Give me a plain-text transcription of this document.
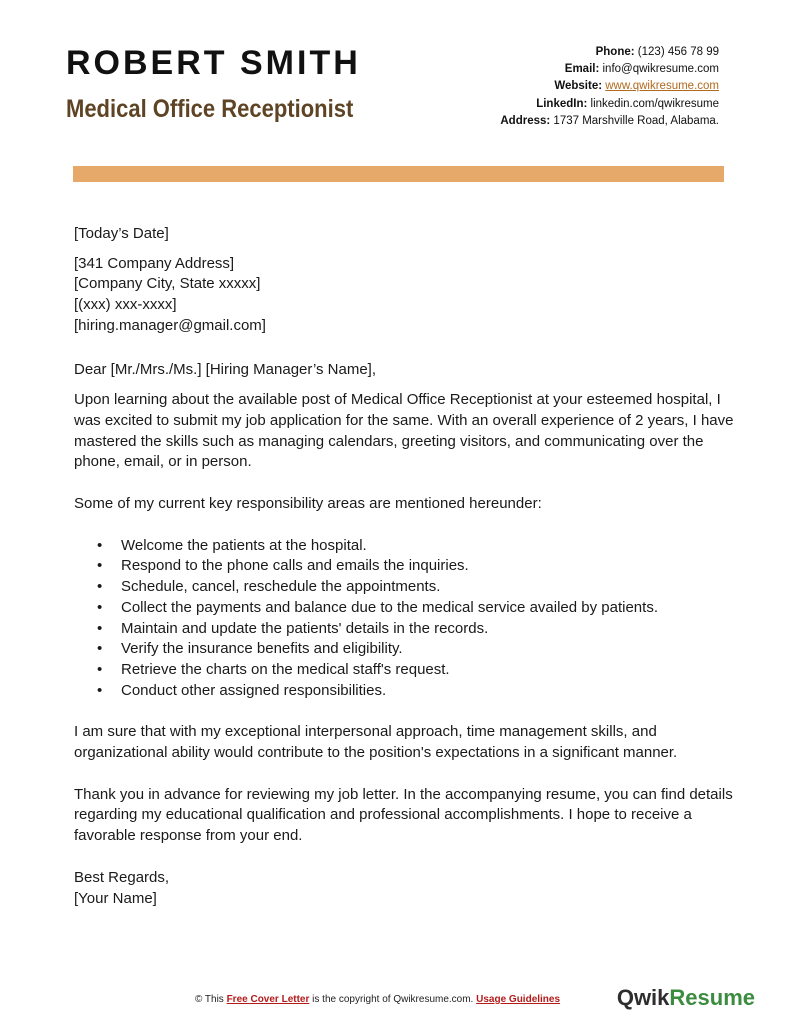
ROBERT SMITH
Medical Office Receptionist
Phone: (123) 456 78 99
Email: info@qwikresume.com
Website: www.qwikresume.com
LinkedIn: linkedin.com/qwikresume
Address: 1737 Marshville Road, Alabama.

[Today’s Date]

[341 Company Address]

[Company City, State xxxxx]

[(xxx) xxx-xxxx]

[hiring.manager@gmail.com]

Dear [Mr./Mrs./Ms.] [Hiring Manager’s Name],

Upon learning about the available post of Medical Office Receptionist at your esteemed hospital, I was excited to submit my job application for the same. With an overall experience of 2 years, I have mastered the skills such as managing calendars, greeting visitors, and communicating over the phone, email, or in person.

Some of my current key responsibility areas are mentioned hereunder:

• Welcome the patients at the hospital.
• Respond to the phone calls and emails the inquiries.
• Schedule, cancel, reschedule the appointments.
• Collect the payments and balance due to the medical service availed by patients.
• Maintain and update the patients' details in the records.
• Verify the insurance benefits and eligibility.
• Retrieve the charts on the medical staff's request.
• Conduct other assigned responsibilities.

I am sure that with my exceptional interpersonal approach, time management skills, and organizational ability would contribute to the position's expectations in a significant manner.

Thank you in advance for reviewing my job letter. In the accompanying resume, you can find details regarding my educational qualification and professional accomplishments. I hope to receive a favorable response from your end.

Best Regards,

[Your Name]

© This Free Cover Letter is the copyright of Qwikresume.com. Usage Guidelines	QwikResume
